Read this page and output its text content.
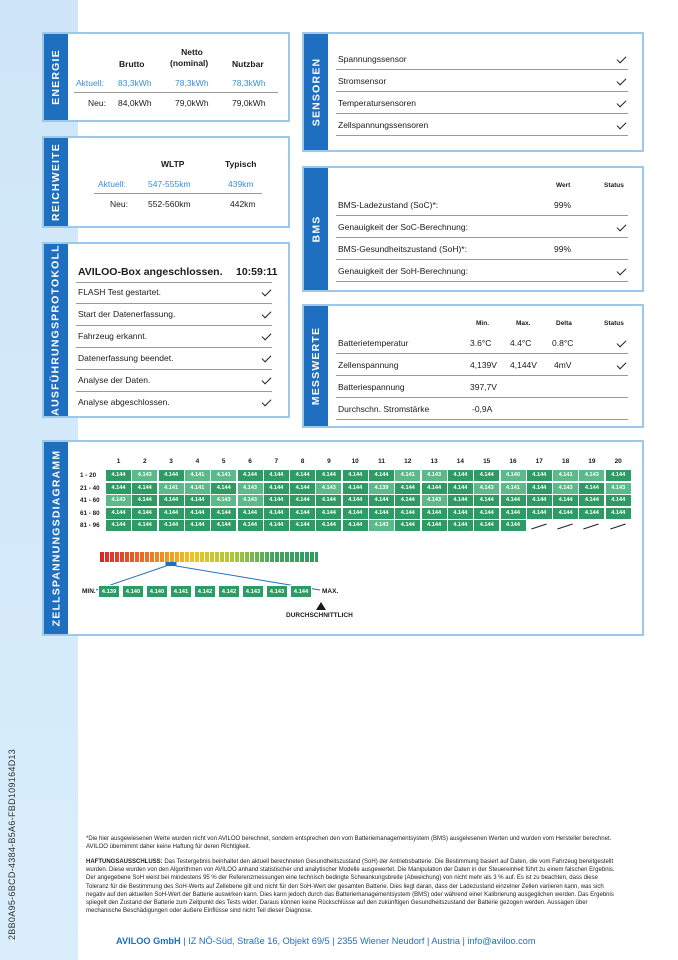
2BB0A95-6BCD-4384-B5A6-FBD109164D13
ENERGIE	Brutto
Netto
(nominal)	Nutzbar
Aktuell: 83,3kWh	78,3kWh	78,3kWh
Neu: 84,0kWh	79,0kWh	79,0kWh
REICHWEITE	WLTP	Typisch
Aktuell:	547-555km	439km
Neu: 552-560km	442km
AUSFÜHRUNGSPROTOKOLL AVILOO-Box angeschlossen. 10:59:11
FLASH Test gestartet.
Start der Datenerfassung.
Fahrzeug erkannt.
Datenerfassung beendet.
Analyse der Daten.
Analyse abgeschlossen.
SENSOREN Spannungssensor
Stromsensor
Temperatursensoren
Zellspannungssensoren
BMS
Wert	Status
BMS-Ladezustand (SoC)*:	99%
Genauigkeit der SoC-Berechnung:
BMS-Gesundheitszustand (SoH)*:	99%
Genauigkeit der SoH-Berechnung:
MESSWERTE
Min.	Max.	Delta	Status
Batterietemperatur	3.6°C 4.4°C 0.8°C
Zellenspannung	4,139V 4,144V 4mV
Batteriespannung	397,7V
Durchschn. Stromstärke	-0,9A
ZELLSPANNUNGSDIAGRAMM	1	2	3	4	5	6	7	8	9	10	11	12	13	14	15	16	17	18	19	20
1 - 20	4.144	4.143	4.144	4.141	4.141	4.144	4.144	4.144	4.144	4.144	4.144	4.141	4.143	4.144	4.144	4.140	4.144	4.141	4.143	4.144
21 - 40	4.144	4.144	4.141	4.141	4.144	4.143	4.144	4.144	4.143	4.144	4.139	4.144	4.144	4.144	4.143	4.141	4.144	4.143	4.144	4.143
41 - 60	4.143	4.144	4.144	4.144	4.143	4.143	4.144	4.144	4.144	4.144	4.144	4.144	4.143	4.144	4.144	4.144	4.144	4.144	4.144	4.144
61 - 80	4.144	4.144	4.144	4.144	4.144	4.144	4.144	4.144	4.144	4.144	4.144	4.144	4.144	4.144	4.144	4.144	4.144	4.144	4.144	4.144
81 - 96	4.144	4.144	4.144	4.144	4.144	4.144	4.144	4.144	4.144	4.144	4.143	4.144	4.144	4.144	4.144	4.144
MIN.	4.139	4.140	4.140	4.141	4.142	4.142	4.143	4.143	4.144	MAX.
DURCHSCHNITTLICH
*Die hier ausgewiesenen Werte wurden nicht von AVILOO berechnet, sondern entsprechen den vom Batteriemanagementsystem (BMS) ausgelesenen Werten und wurden vom Hersteller berechnet. AVILOO übernimmt daher keine Haftung für deren Richtigkeit.
HAFTUNGSAUSSCHLUSS: Das Testergebnis beinhaltet den aktuell berechneten Gesundheitszustand (SoH) der Antriebsbatterie. Die Bestimmung basiert auf Daten, die vom Fahrzeug bereitgestellt wurden. Diese wurden von den Algorithmen von AVILOO anhand statistischer und analytischer Modelle ausgewertet. Die Manipulation der Daten in der Steuereinheit führt zu einem falschen Ergebnis. Der angegebene SoH weist bei mindestens 95 % der Referenzmessungen eine technisch bedingte Schwankungsbreite (Abweichung) von nicht mehr als 3 % auf. Es ist zu beachten, dass diese Toleranz für die Bestimmung des SoH-Werts auf Zellebene gilt und nicht für den SoH-Wert der gesamten Batterie. Dies liegt daran, dass der Ladezustand einzelner Zellen variieren kann, was sich negativ auf den aktuellen SoH-Wert der Batterie auswirken kann. Dies kann jedoch durch das Batteriemanagementsystem (BMS) oder während einer Kalibrierung ausgeglichen werden. Das Ergebnis spiegelt den Zustand der Batterie zum Zeitpunkt des Tests wider. Daraus können keine Rückschlüsse auf den zukünftigen Gesundheitszustand der Batterie gezogen werden. Aussagen über mechanische Beschädigungen oder äußere Einflüsse sind nicht Teil dieser Diagnose.
AVILOO GmbH | IZ NÖ-Süd, Straße 16, Objekt 69/5 | 2355 Wiener Neudorf | Austria | info@aviloo.com
